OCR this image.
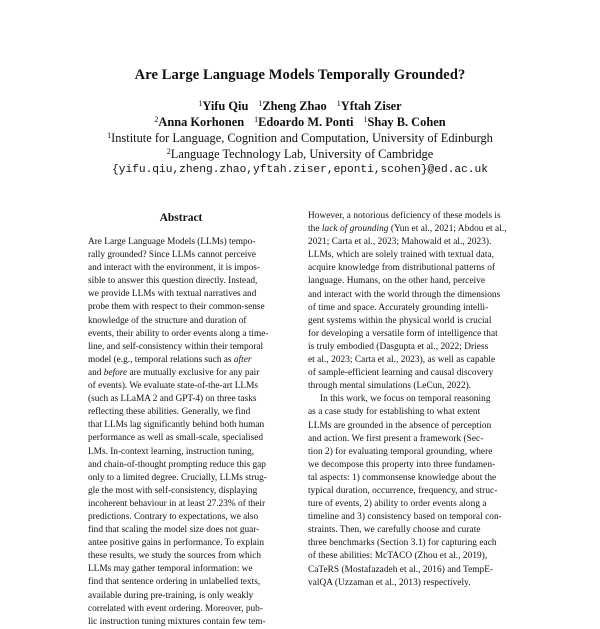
Are Large Language Models Temporally Grounded?
$^1$Yifu Qiu $^1$Zheng Zhao $^1$Yftah Ziser
$^2$Anna Korhonen $^1$Edoardo M. Ponti $^1$Shay B. Cohen
$^1$Institute for Language, Cognition and Computation, University of Edinburgh
$^2$Language Technology Lab, University of Cambridge
{yifu.qiu,zheng.zhao,yftah.ziser,eponti,scohen}@ed.ac.uk
Abstract
Are Large Language Models (LLMs) tempo-
rally grounded? Since LLMs cannot perceive
and interact with the environment, it is impos-
sible to answer this question directly. Instead,
we provide LLMs with textual narratives and
probe them with respect to their common-sense
knowledge of the structure and duration of
events, their ability to order events along a time-
line, and self-consistency within their temporal
model (e.g., temporal relations such as after
and before are mutually exclusive for any pair
of events). We evaluate state-of-the-art LLMs
(such as LLaMA 2 and GPT-4) on three tasks
reflecting these abilities. Generally, we find
that LLMs lag significantly behind both human
performance as well as small-scale, specialised
LMs. In-context learning, instruction tuning,
and chain-of-thought prompting reduce this gap
only to a limited degree. Crucially, LLMs strug-
gle the most with self-consistency, displaying
incoherent behaviour in at least 27.23% of their
predictions. Contrary to expectations, we also
find that scaling the model size does not guar-
antee positive gains in performance. To explain
these results, we study the sources from which
LLMs may gather temporal information: we
find that sentence ordering in unlabelled texts,
available during pre-training, is only weakly
correlated with event ordering. Moreover, pub-
lic instruction tuning mixtures contain few tem-
However, a notorious deficiency of these models is
the lack of grounding (Yun et al., 2021; Abdou et al.,
2021; Carta et al., 2023; Mahowald et al., 2023).
LLMs, which are solely trained with textual data,
acquire knowledge from distributional patterns of
language. Humans, on the other hand, perceive
and interact with the world through the dimensions
of time and space. Accurately grounding intelli-
gent systems within the physical world is crucial
for developing a versatile form of intelligence that
is truly embodied (Dasgupta et al., 2022; Driess
et al., 2023; Carta et al., 2023), as well as capable
of sample-efficient learning and causal discovery
through mental simulations (LeCun, 2022).
In this work, we focus on temporal reasoning
as a case study for establishing to what extent
LLMs are grounded in the absence of perception
and action. We first present a framework (Sec-
tion 2) for evaluating temporal grounding, where
we decompose this property into three fundamen-
tal aspects: 1) commonsense knowledge about the
typical duration, occurrence, frequency, and struc-
ture of events, 2) ability to order events along a
timeline and 3) consistency based on temporal con-
straints. Then, we carefully choose and curate
three benchmarks (Section 3.1) for capturing each
of these abilities: McTACO (Zhou et al., 2019),
CaTeRS (Mostafazadeh et al., 2016) and TempE-
valQA (Uzzaman et al., 2013) respectively.
